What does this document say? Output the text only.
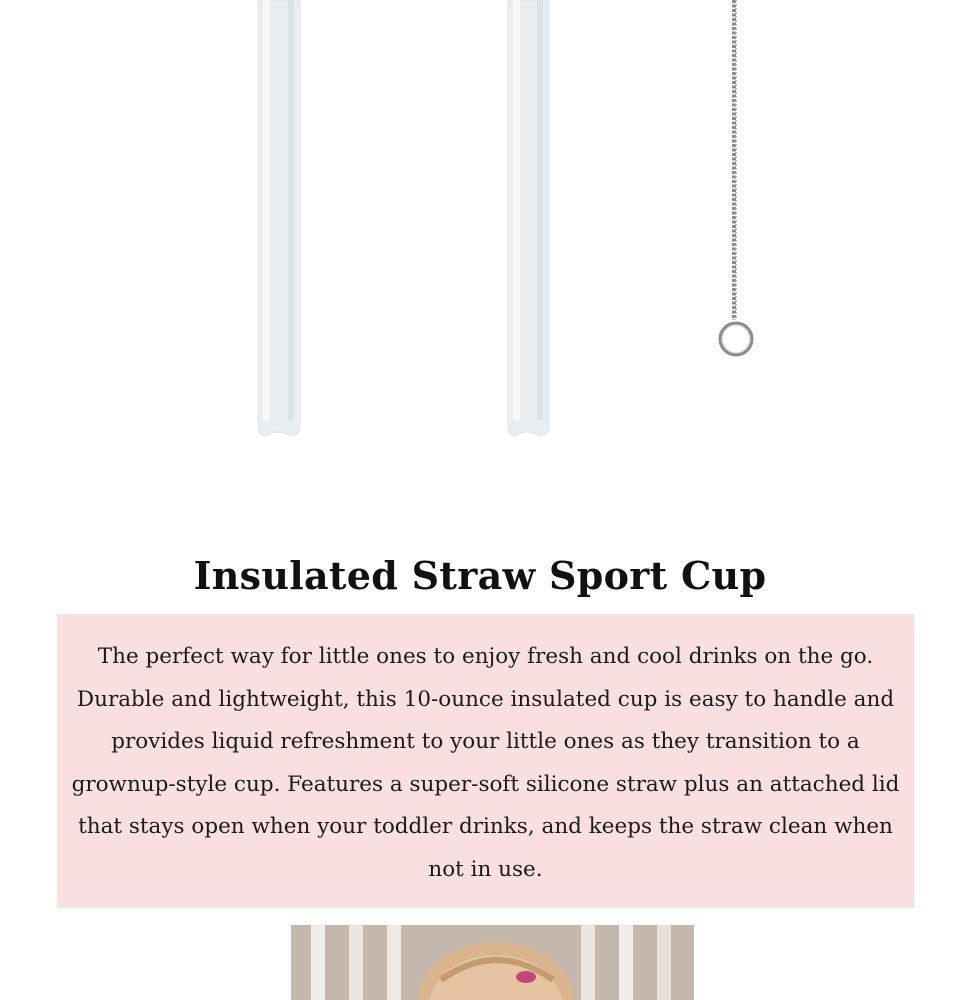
Insulated Straw Sport Cup

The perfect way for little ones to enjoy fresh and cool drinks on the go. Durable and lightweight, this 10-ounce insulated cup is easy to handle and provides liquid refreshment to your little ones as they transition to a grownup-style cup. Features a super-soft silicone straw plus an attached lid that stays open when your toddler drinks, and keeps the straw clean when not in use.
